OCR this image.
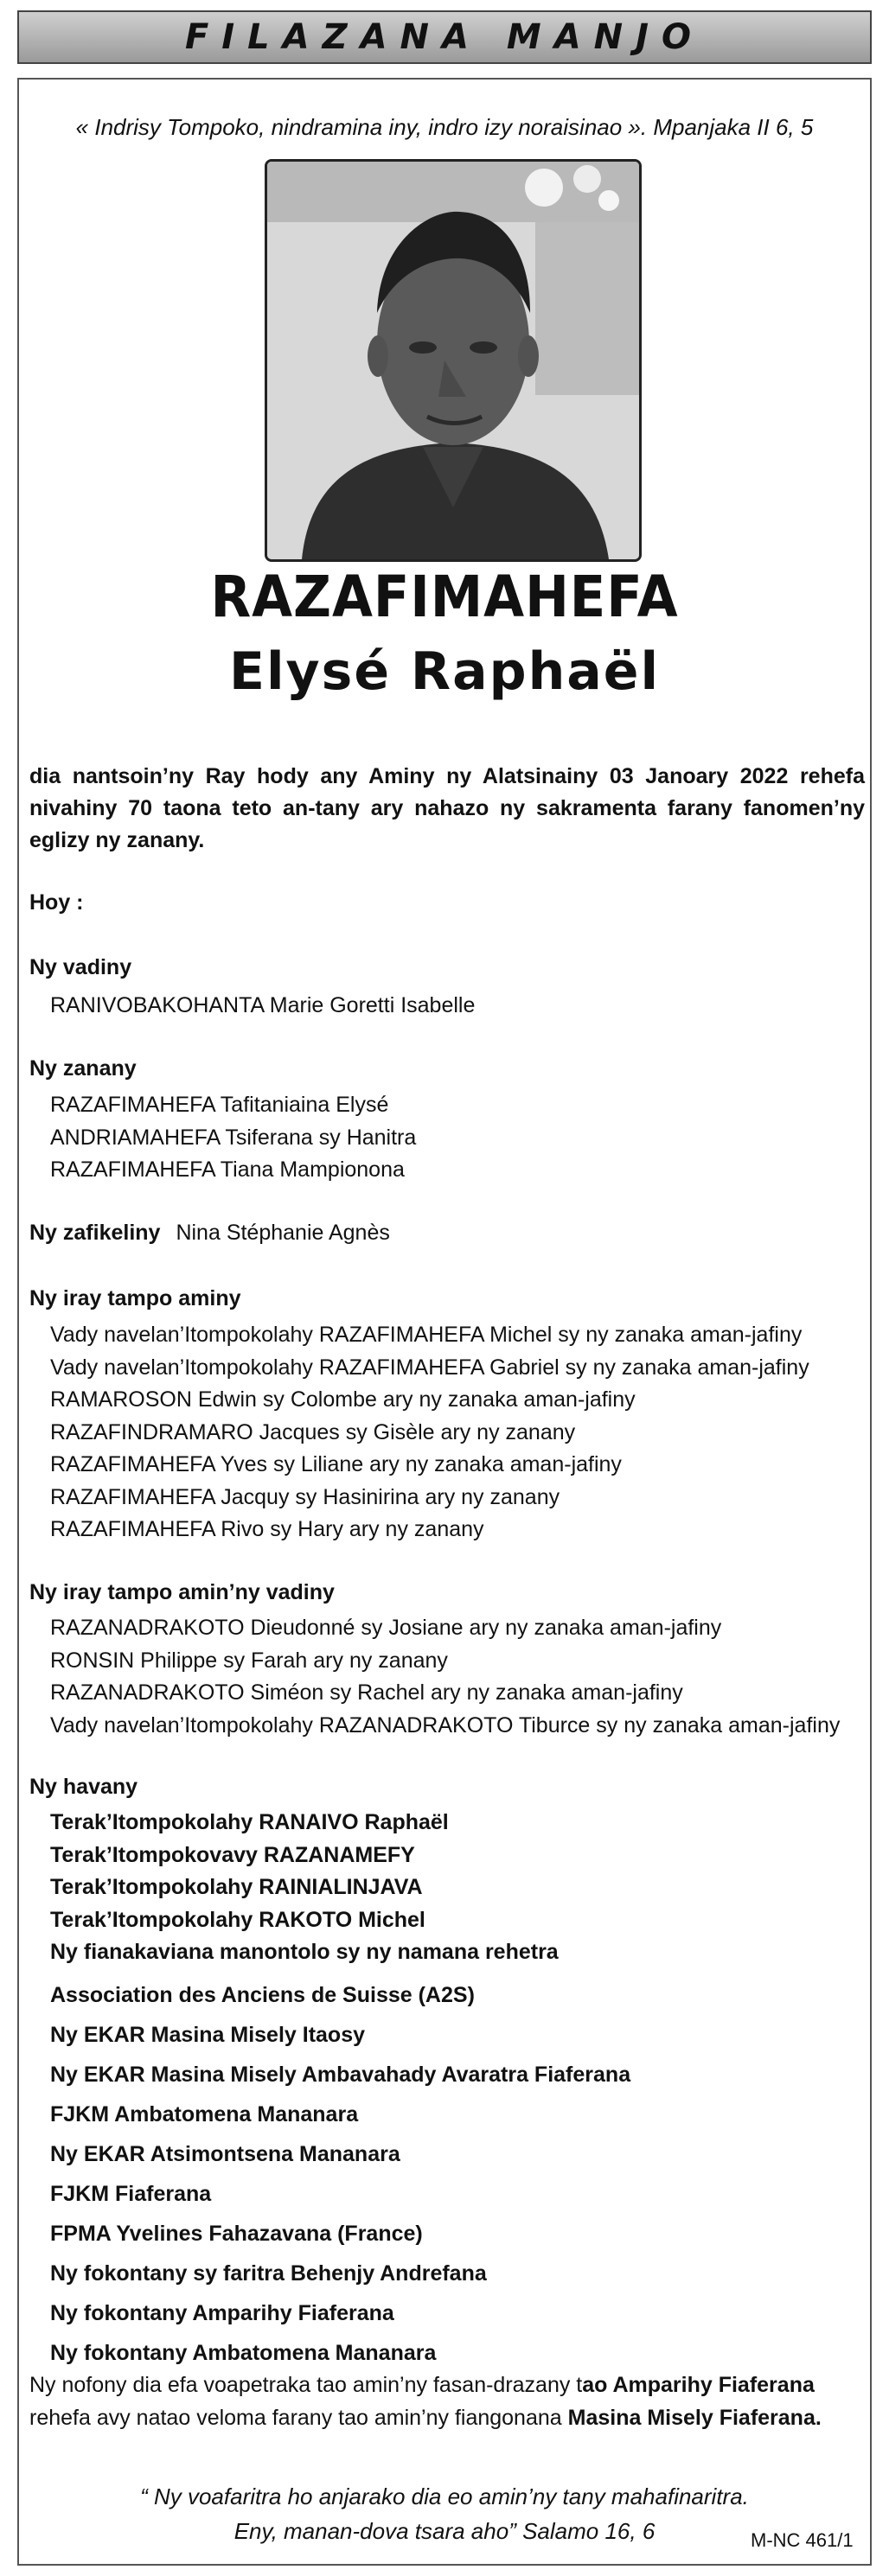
FILAZANA MANJO
« Indrisy Tompoko, nindramina iny, indro izy noraisinao ». Mpanjaka II 6, 5
RAZAFIMAHEFA
Elysé Raphaël
dia nantsoin’ny Ray hody any Aminy ny Alatsinainy 03 Janoary 2022 rehefa nivahiny 70 taona teto an-tany ary nahazo ny sakramenta farany fanomen’ny eglizy ny zanany.
Hoy :
Ny vadiny
RANIVOBAKOHANTA Marie Goretti Isabelle
Ny zanany
RAZAFIMAHEFA Tafitaniaina Elysé
ANDRIAMAHEFA Tsiferana sy Hanitra
RAZAFIMAHEFA Tiana Mampionona
Ny zafikeliny Nina Stéphanie Agnès
Ny iray tampo aminy
Vady navelan’Itompokolahy RAZAFIMAHEFA Michel sy ny zanaka aman-jafiny
Vady navelan’Itompokolahy RAZAFIMAHEFA Gabriel sy ny zanaka aman-jafiny
RAMAROSON Edwin sy Colombe ary ny zanaka aman-jafiny
RAZAFINDRAMARO Jacques sy Gisèle ary ny zanany
RAZAFIMAHEFA Yves sy Liliane ary ny zanaka aman-jafiny
RAZAFIMAHEFA Jacquy sy Hasinirina ary ny zanany
RAZAFIMAHEFA Rivo sy Hary ary ny zanany
Ny iray tampo amin’ny vadiny
RAZANADRAKOTO Dieudonné sy Josiane ary ny zanaka aman-jafiny
RONSIN Philippe sy Farah ary ny zanany
RAZANADRAKOTO Siméon sy Rachel ary ny zanaka aman-jafiny
Vady navelan’Itompokolahy RAZANADRAKOTO Tiburce sy ny zanaka aman-jafiny
Ny havany
Terak’Itompokolahy RANAIVO Raphaël
Terak’Itompokovavy RAZANAMEFY
Terak’Itompokolahy RAINIALINJAVA
Terak’Itompokolahy RAKOTO Michel
Ny fianakaviana manontolo sy ny namana rehetra
Association des Anciens de Suisse (A2S)
Ny EKAR Masina Misely Itaosy
Ny EKAR Masina Misely Ambavahady Avaratra Fiaferana
FJKM Ambatomena Mananara
Ny EKAR Atsimontsena Mananara
FJKM Fiaferana
FPMA Yvelines Fahazavana (France)
Ny fokontany sy faritra Behenjy Andrefana
Ny fokontany Amparihy Fiaferana
Ny fokontany Ambatomena Mananara
Ny nofony dia efa voapetraka tao amin’ny fasan-drazany tao Amparihy Fiaferana
rehefa avy natao veloma farany tao amin’ny fiangonana Masina Misely Fiaferana.
“ Ny voafaritra ho anjarako dia eo amin’ny tany mahafinaritra.
Eny, manan-dova tsara aho” Salamo 16, 6	M-NC 461/1
